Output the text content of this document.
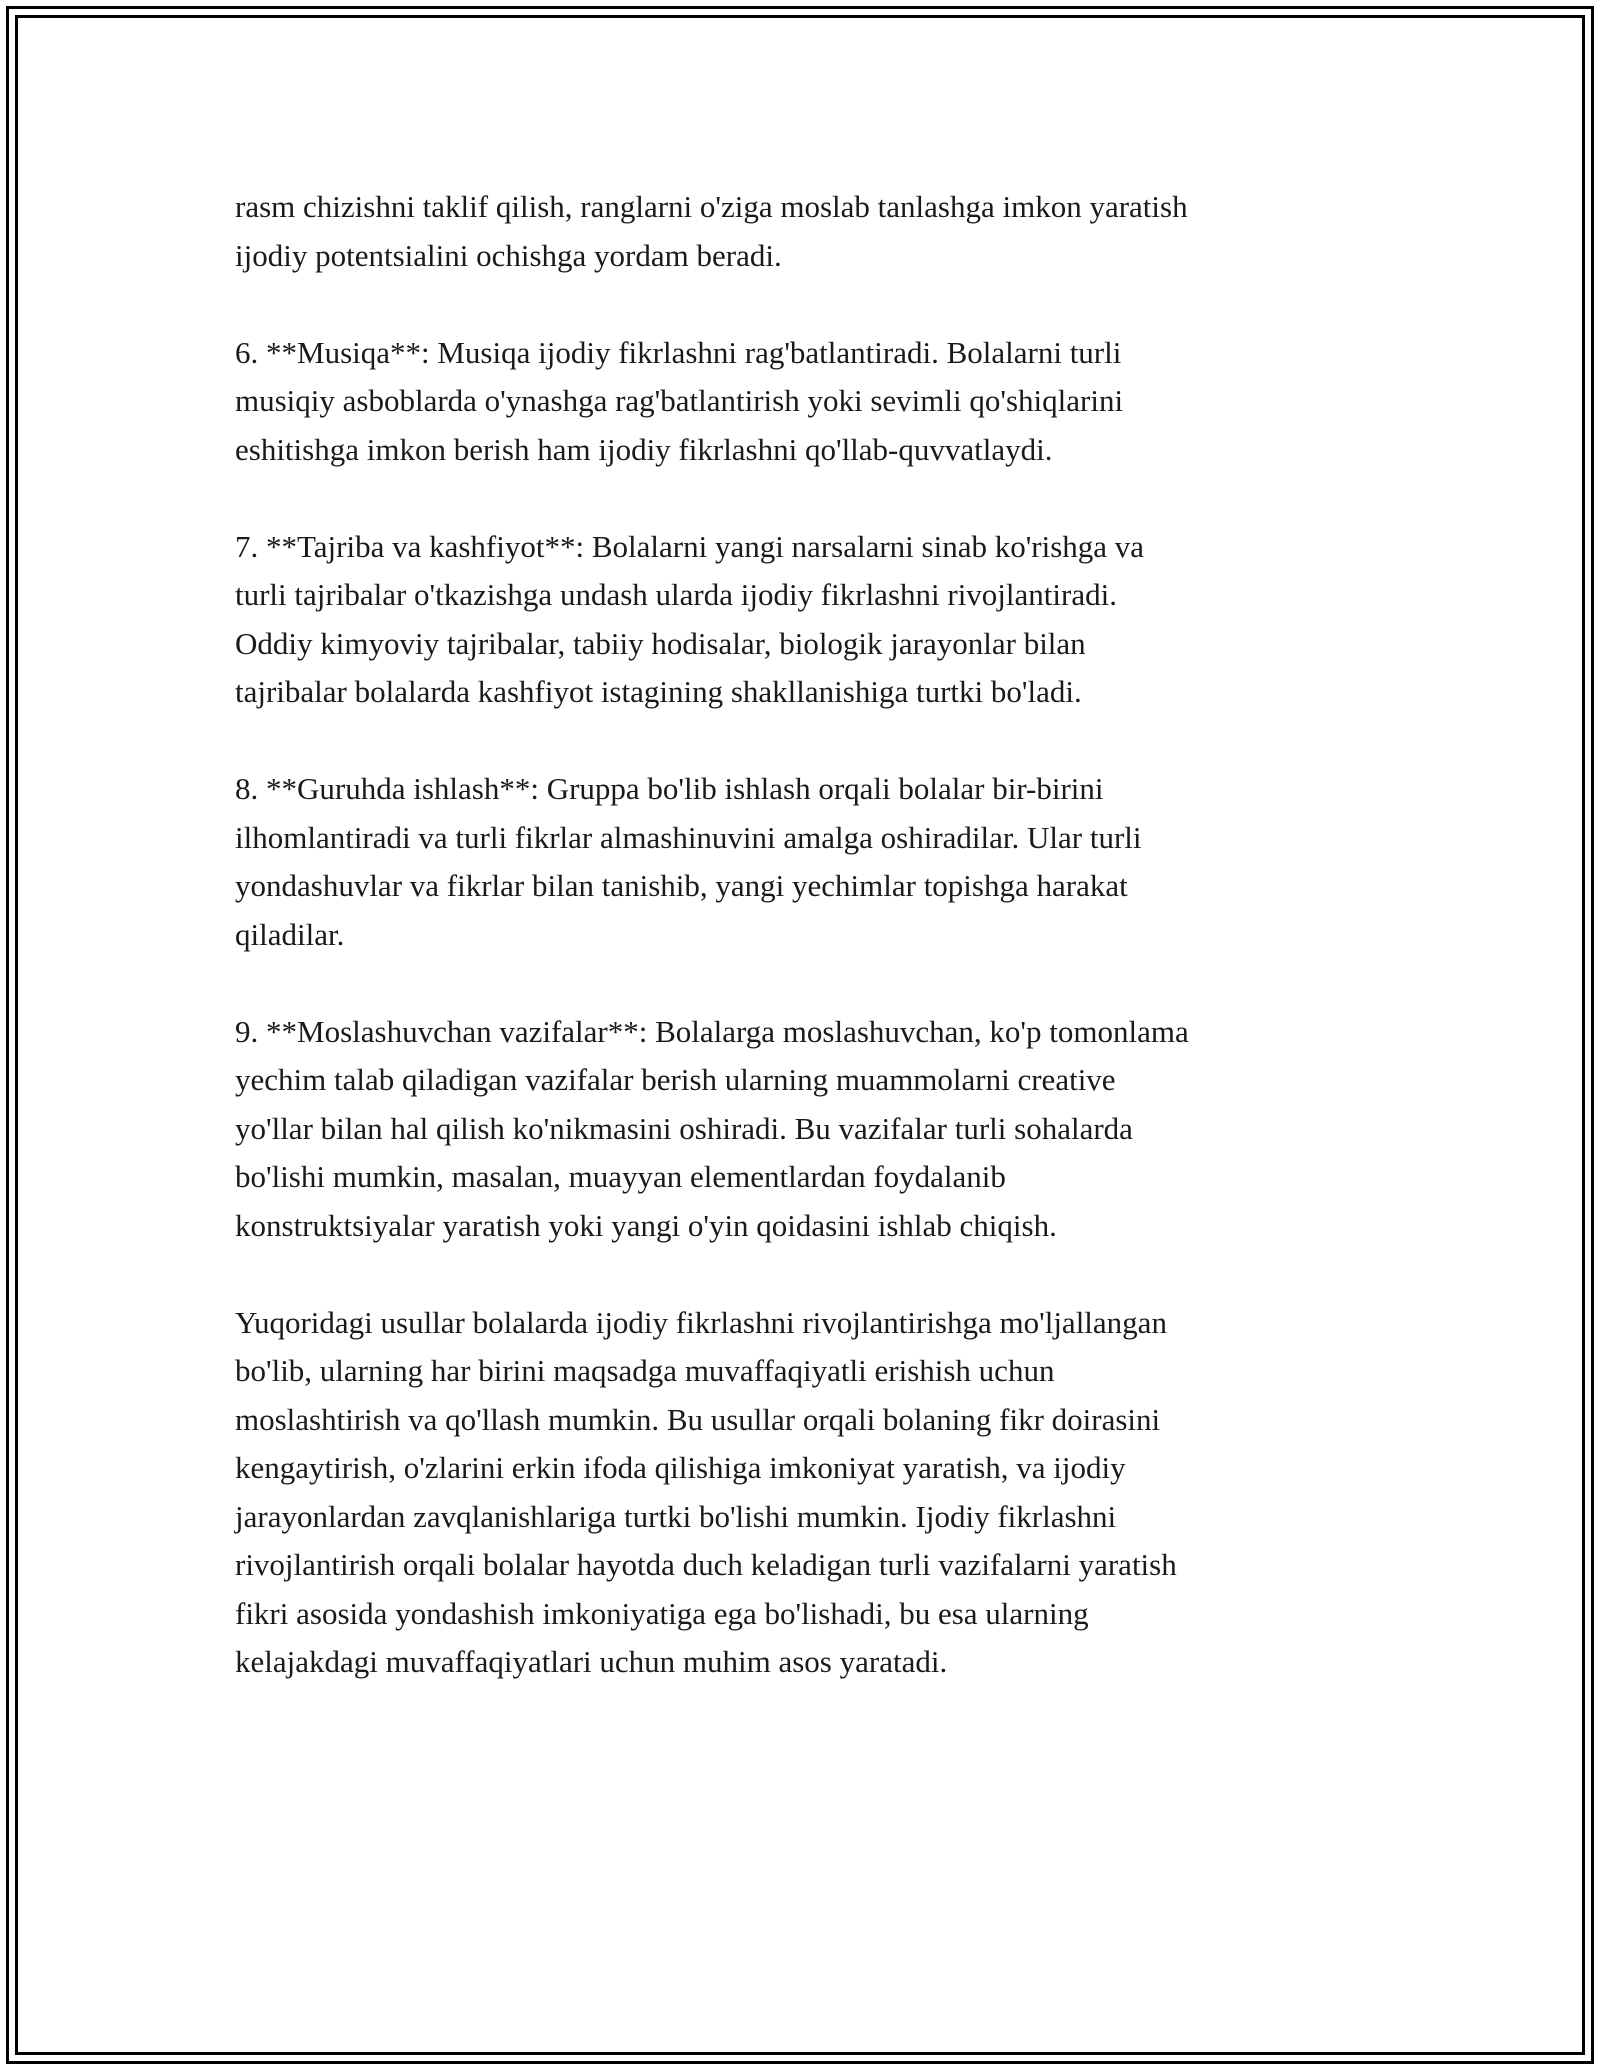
rasm chizishni taklif qilish, ranglarni o'ziga moslab tanlashga imkon yaratish
ijodiy potentsialini ochishga yordam beradi.

6. **Musiqa**: Musiqa ijodiy fikrlashni rag'batlantiradi. Bolalarni turli
musiqiy asboblarda o'ynashga rag'batlantirish yoki sevimli qo'shiqlarini
eshitishga imkon berish ham ijodiy fikrlashni qo'llab-quvvatlaydi.

7. **Tajriba va kashfiyot**: Bolalarni yangi narsalarni sinab ko'rishga va
turli tajribalar o'tkazishga undash ularda ijodiy fikrlashni rivojlantiradi.
Oddiy kimyoviy tajribalar, tabiiy hodisalar, biologik jarayonlar bilan
tajribalar bolalarda kashfiyot istagining shakllanishiga turtki bo'ladi.

8. **Guruhda ishlash**: Gruppa bo'lib ishlash orqali bolalar bir-birini
ilhomlantiradi va turli fikrlar almashinuvini amalga oshiradilar. Ular turli
yondashuvlar va fikrlar bilan tanishib, yangi yechimlar topishga harakat
qiladilar.

9. **Moslashuvchan vazifalar**: Bolalarga moslashuvchan, ko'p tomonlama
yechim talab qiladigan vazifalar berish ularning muammolarni creative
yo'llar bilan hal qilish ko'nikmasini oshiradi. Bu vazifalar turli sohalarda
bo'lishi mumkin, masalan, muayyan elementlardan foydalanib
konstruktsiyalar yaratish yoki yangi o'yin qoidasini ishlab chiqish.

Yuqoridagi usullar bolalarda ijodiy fikrlashni rivojlantirishga mo'ljallangan
bo'lib, ularning har birini maqsadga muvaffaqiyatli erishish uchun
moslashtirish va qo'llash mumkin. Bu usullar orqali bolaning fikr doirasini
kengaytirish, o'zlarini erkin ifoda qilishiga imkoniyat yaratish, va ijodiy
jarayonlardan zavqlanishlariga turtki bo'lishi mumkin. Ijodiy fikrlashni
rivojlantirish orqali bolalar hayotda duch keladigan turli vazifalarni yaratish
fikri asosida yondashish imkoniyatiga ega bo'lishadi, bu esa ularning
kelajakdagi muvaffaqiyatlari uchun muhim asos yaratadi.
